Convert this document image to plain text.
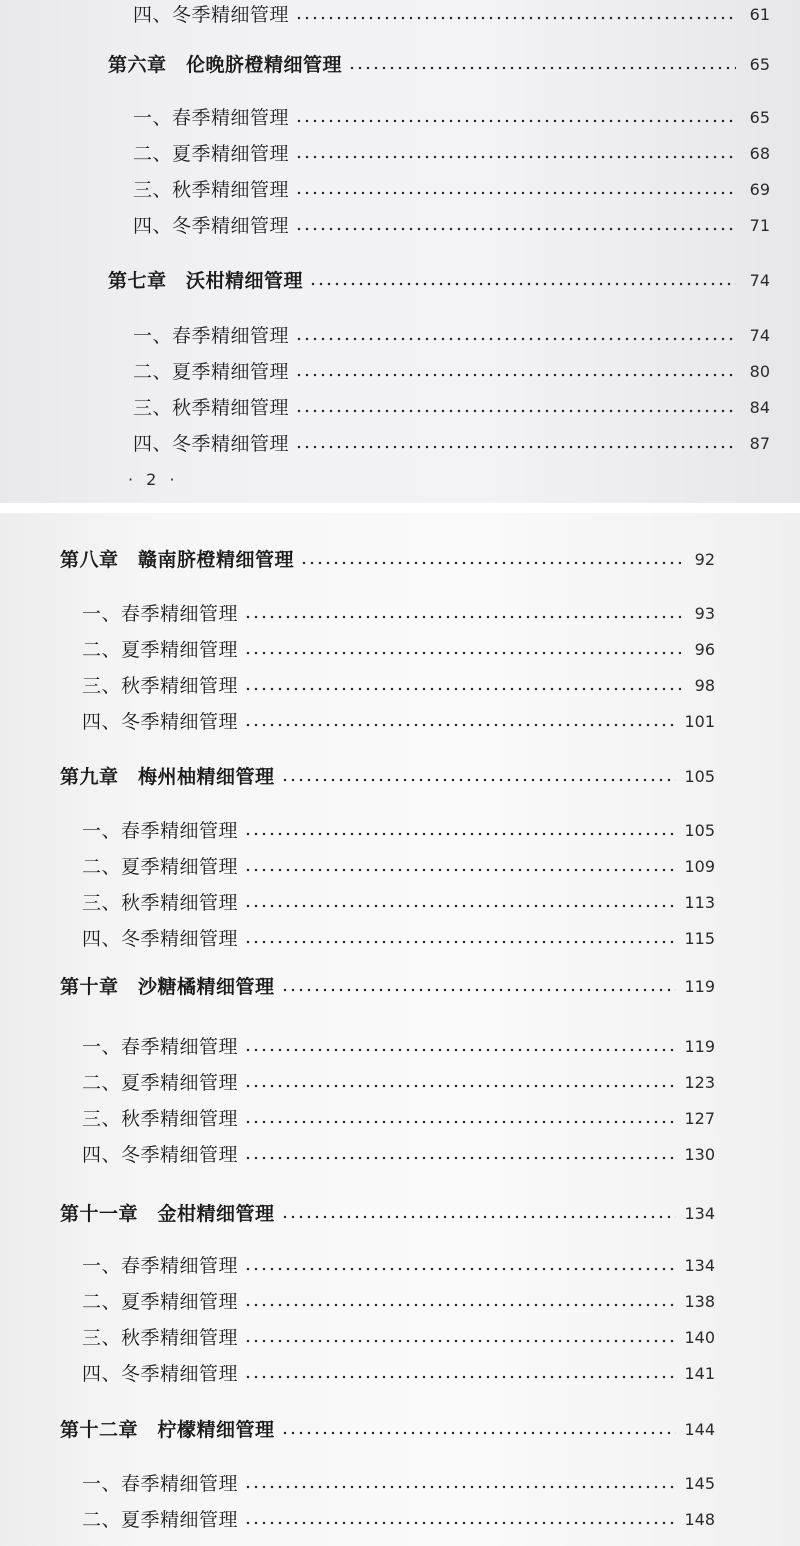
四、冬季精细管理	61
第六章　伦晚脐橙精细管理	65
一、春季精细管理	65
二、夏季精细管理	68
三、秋季精细管理	69
四、冬季精细管理	71
第七章　沃柑精细管理	74
一、春季精细管理	74
二、夏季精细管理	80
三、秋季精细管理	84
四、冬季精细管理	87
· 2 ·
第八章　赣南脐橙精细管理	92
一、春季精细管理	93
二、夏季精细管理	96
三、秋季精细管理	98
四、冬季精细管理	101
第九章　梅州柚精细管理	105
一、春季精细管理	105
二、夏季精细管理	109
三、秋季精细管理	113
四、冬季精细管理	115
第十章　沙糖橘精细管理	119
一、春季精细管理	119
二、夏季精细管理	123
三、秋季精细管理	127
四、冬季精细管理	130
第十一章　金柑精细管理	134
一、春季精细管理	134
二、夏季精细管理	138
三、秋季精细管理	140
四、冬季精细管理	141
第十二章　柠檬精细管理	144
一、春季精细管理	145
二、夏季精细管理	148
